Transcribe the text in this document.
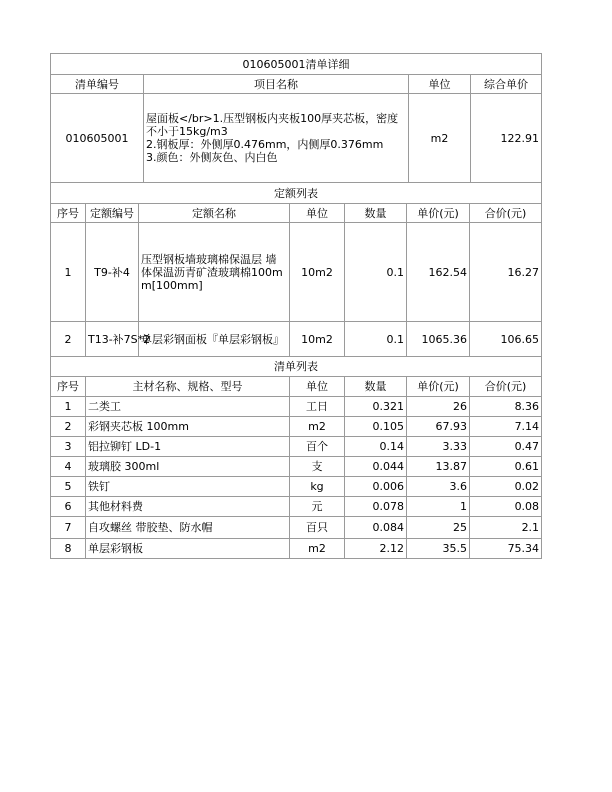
010605001清单详细			
清单编号	项目名称	单位	综合单价
010605001	屋面板</br>1.压型钢板内夹板100厚夹芯板，密度不小于15kg/m3
2.钢板厚：外侧厚0.476mm，内侧厚0.376mm
3.颜色：外侧灰色、内白色	m2	122.91
定额列表						
序号	定额编号	定额名称	单位	数量	单价(元)	合价(元)
1	T9-补4	压型钢板墙玻璃棉保温层 墙体保温沥青矿渣玻璃棉100mm[100mm]	10m2	0.1	162.54	16.27
2	T13-补7S*2	单层彩钢面板『单层彩钢板』	10m2	0.1	1065.36	106.65
清单列表					
序号	主材名称、规格、型号	单位	数量	单价(元)	合价(元)
1	二类工	工日	0.321	26	8.36
2	彩钢夹芯板 100mm	m2	0.105	67.93	7.14
3	铝拉铆钉 LD-1	百个	0.14	3.33	0.47
4	玻璃胶 300ml	支	0.044	13.87	0.61
5	铁钉	kg	0.006	3.6	0.02
6	其他材料费	元	0.078	1	0.08
7	自攻螺丝 带胶垫、防水帽	百只	0.084	25	2.1
8	单层彩钢板	m2	2.12	35.5	75.34
